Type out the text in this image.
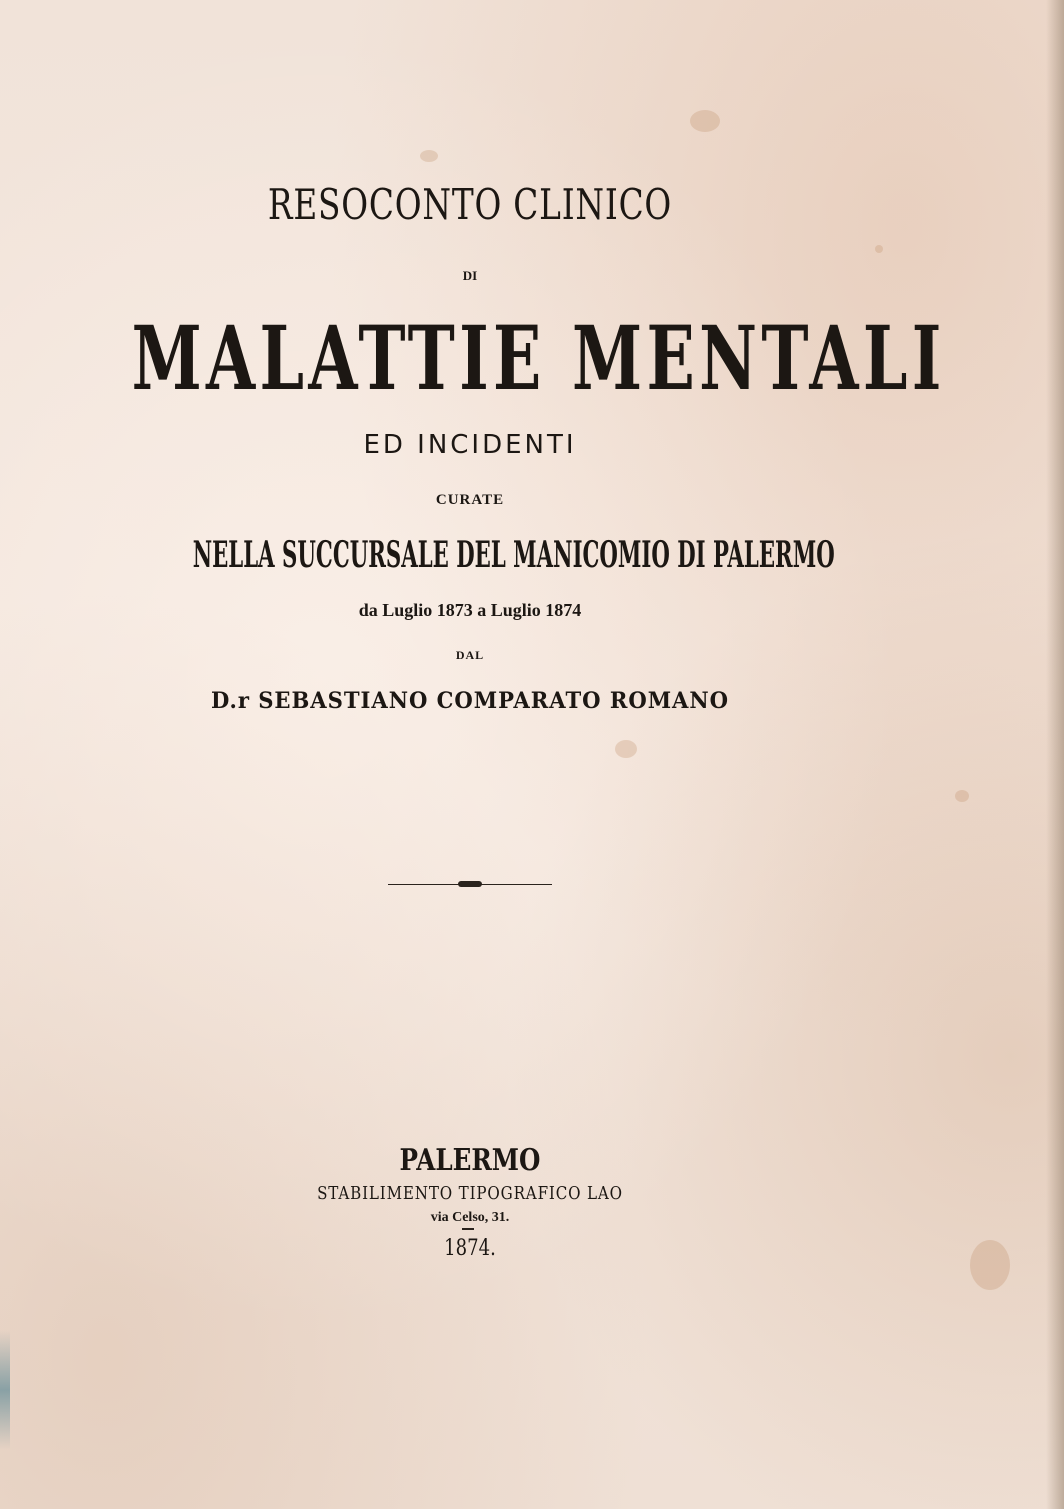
RESOCONTO CLINICO
DI
MALATTIE MENTALI
ED INCIDENTI
CURATE
NELLA SUCCURSALE DEL MANICOMIO DI PALERMO
da Luglio 1873 a Luglio 1874
DAL
D.r SEBASTIANO COMPARATO ROMANO
PALERMO
STABILIMENTO TIPOGRAFICO LAO
via Celso, 31.
1874.
